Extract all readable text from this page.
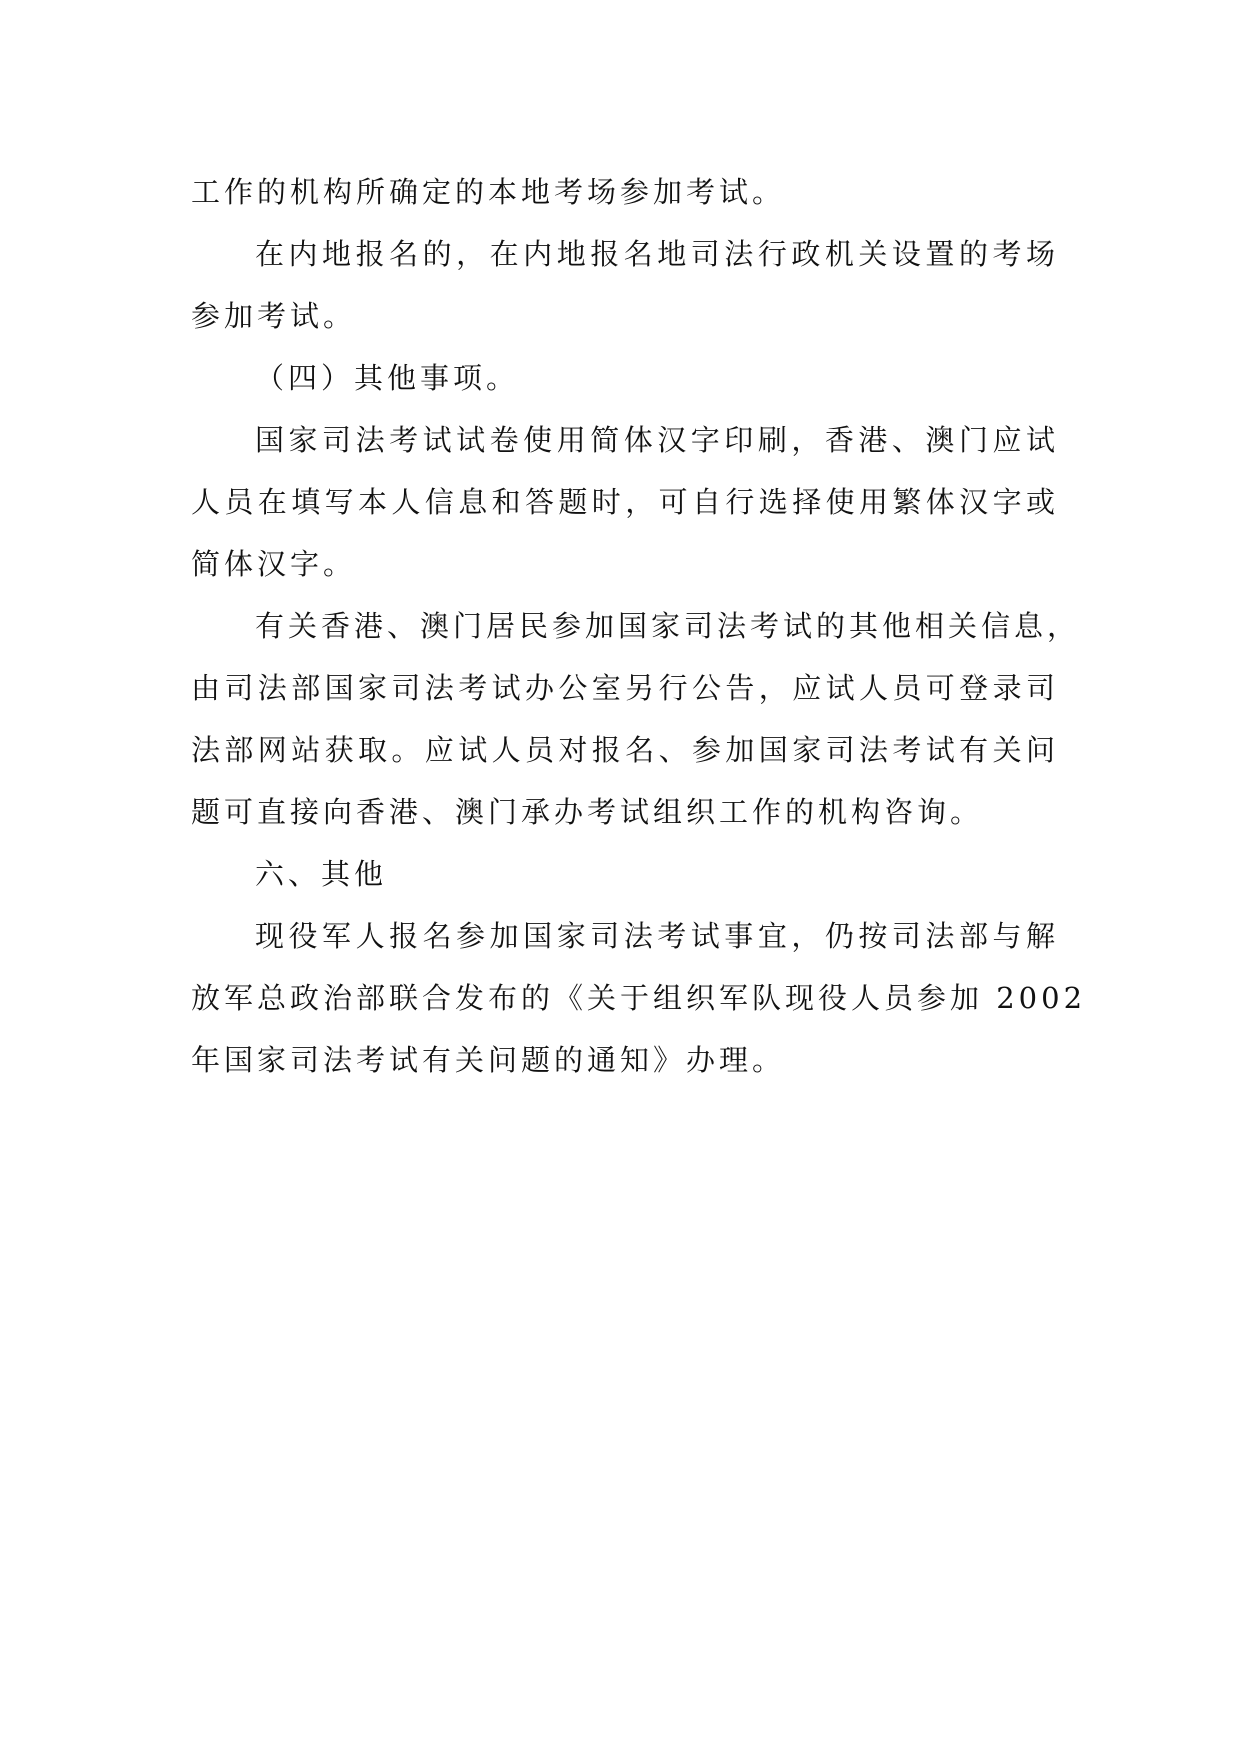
工作的机构所确定的本地考场参加考试。
在内地报名的，在内地报名地司法行政机关设置的考场
参加考试。
（四）其他事项。
国家司法考试试卷使用简体汉字印刷，香港、澳门应试
人员在填写本人信息和答题时，可自行选择使用繁体汉字或
简体汉字。
有关香港、澳门居民参加国家司法考试的其他相关信息，
由司法部国家司法考试办公室另行公告，应试人员可登录司
法部网站获取。应试人员对报名、参加国家司法考试有关问
题可直接向香港、澳门承办考试组织工作的机构咨询。
六、其他
现役军人报名参加国家司法考试事宜，仍按司法部与解
放军总政治部联合发布的《关于组织军队现役人员参加 2002
年国家司法考试有关问题的通知》办理。
